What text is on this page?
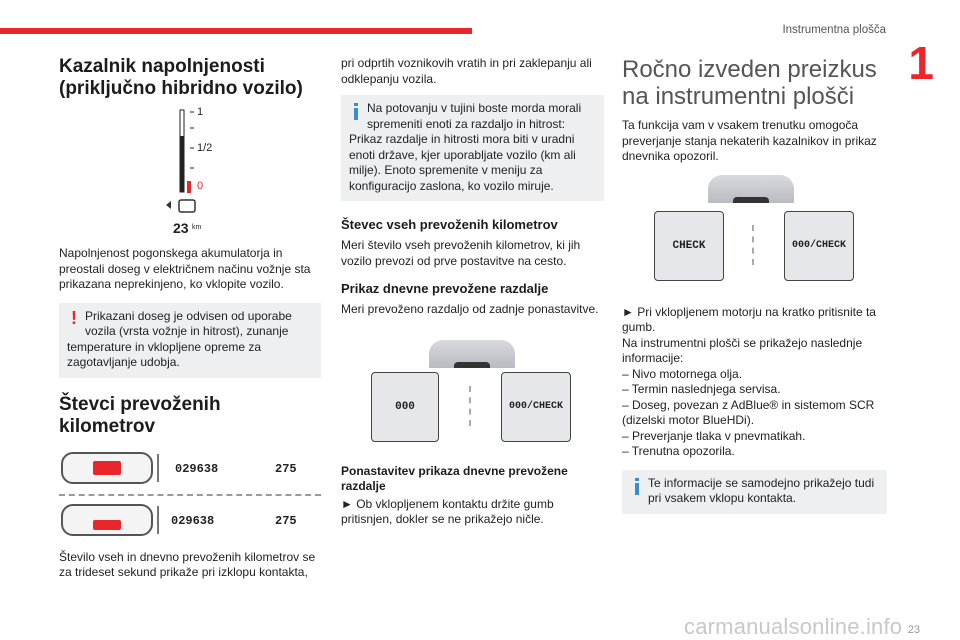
Instrumentna plošča
1
Kazalnik napolnjenosti (priključno hibridno vozilo)
1
1/2
0
23 km

Napolnjenost pogonskega akumulatorja in preostali doseg v električnem načinu vožnje sta prikazana neprekinjeno, ko vklopite vozilo.

! Prikazani doseg je odvisen od uporabe vozila (vrsta vožnje in hitrost), zunanje temperature in vklopljene opreme za zagotavljanje udobja.
Števci prevoženih kilometrov
029638	275
029638	275

Število vseh in dnevno prevoženih kilometrov se za trideset sekund prikaže pri izklopu kontakta,

pri odprtih voznikovih vratih in pri zaklepanju ali odklepanju vozila.

Na potovanju v tujini boste morda morali spremeniti enoti za razdaljo in hitrost: Prikaz razdalje in hitrosti mora biti v uradni enoti države, kjer uporabljate vozilo (km ali milje). Enoto spremenite v meniju za konfiguracijo zaslona, ko vozilo miruje.
Števec vseh prevoženih kilometrov

Meri število vseh prevoženih kilometrov, ki jih vozilo prevozi od prve postavitve na cesto.

Prikaz dnevne prevožene razdalje

Meri prevoženo razdaljo od zadnje ponastavitve.

000	000/CHECK
Ponastavitev prikaza dnevne prevožene razdalje

► Ob vklopljenem kontaktu držite gumb pritisnjen, dokler se ne prikažejo ničle.

Ročno izveden preizkus na instrumentni plošči

Ta funkcija vam v vsakem trenutku omogoča preverjanje stanja nekaterih kazalnikov in prikaz dnevnika opozoril.

CHECK	000/CHECK

► Pri vklopljenem motorju na kratko pritisnite ta gumb.

Na instrumentni plošči se prikažejo naslednje informacije:

– Nivo motornega olja.

– Termin naslednjega servisa.

– Doseg, povezan z AdBlue® in sistemom SCR (dizelski motor BlueHDi).

– Preverjanje tlaka v pnevmatikah.

– Trenutna opozorila.

Te informacije se samodejno prikažejo tudi pri vsakem vklopu kontakta.
carmanualsonline.info 23
